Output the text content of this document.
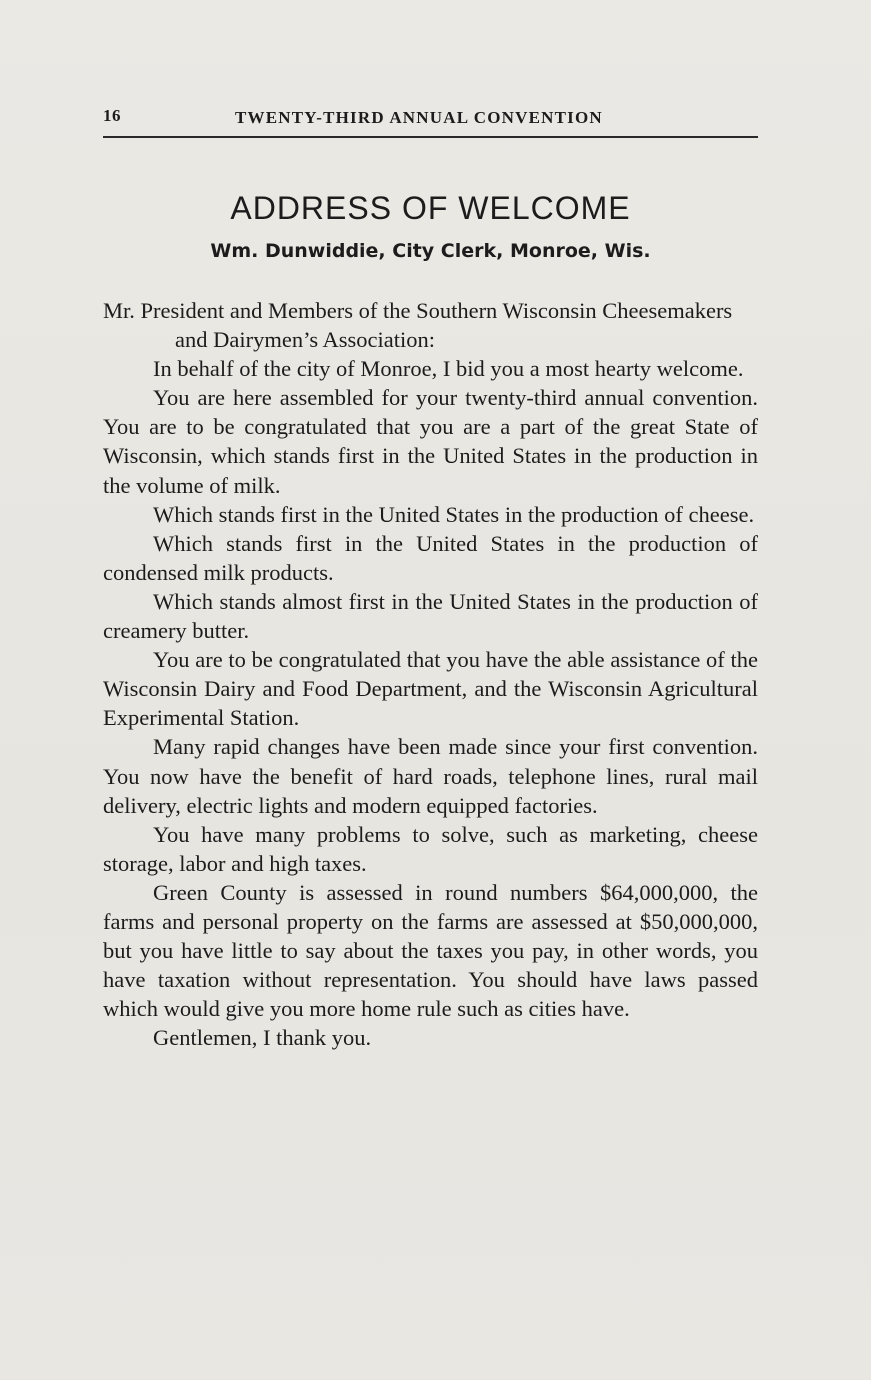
16	TWENTY-THIRD ANNUAL CONVENTION
ADDRESS OF WELCOME
Wm. Dunwiddie, City Clerk, Monroe, Wis.

Mr. President and Members of the Southern Wisconsin Cheesemakers and Dairymen’s Association:

In behalf of the city of Monroe, I bid you a most hearty welcome.

You are here assembled for your twenty-third annual convention. You are to be congratulated that you are a part of the great State of Wisconsin, which stands first in the United States in the production in the volume of milk.

Which stands first in the United States in the production of cheese.

Which stands first in the United States in the production of condensed milk products.

Which stands almost first in the United States in the production of creamery butter.

You are to be congratulated that you have the able assistance of the Wisconsin Dairy and Food Department, and the Wisconsin Agricultural Experimental Station.

Many rapid changes have been made since your first convention. You now have the benefit of hard roads, telephone lines, rural mail delivery, electric lights and modern equipped factories.

You have many problems to solve, such as marketing, cheese storage, labor and high taxes.

Green County is assessed in round numbers $64,000,000, the farms and personal property on the farms are assessed at $50,000,000, but you have little to say about the taxes you pay, in other words, you have taxation without representation. You should have laws passed which would give you more home rule such as cities have.

Gentlemen, I thank you.
